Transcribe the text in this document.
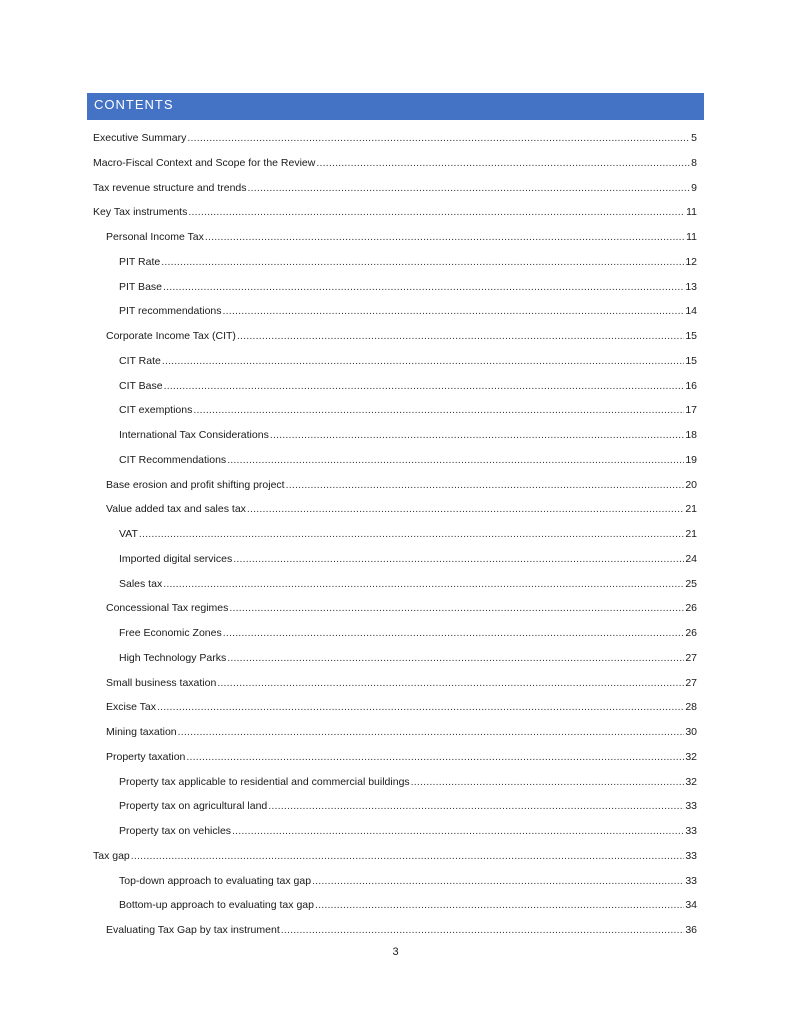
CONTENTS
Executive Summary .....	5
Macro-Fiscal Context and Scope for the Review .....	8
Tax revenue structure and trends .....	9
Key Tax instruments .....	11
Personal Income Tax .....	11
PIT Rate .....	12
PIT Base .....	13
PIT recommendations .....	14
Corporate Income Tax (CIT) .....	15
CIT Rate .....	15
CIT Base .....	16
CIT exemptions .....	17
International Tax Considerations .....	18
CIT Recommendations .....	19
Base erosion and profit shifting project .....	20
Value added tax and sales tax .....	21
VAT .....	21
Imported digital services .....	24
Sales tax .....	25
Concessional Tax regimes .....	26
Free Economic Zones .....	26
High Technology Parks .....	27
Small business taxation .....	27
Excise Tax .....	28
Mining taxation .....	30
Property taxation .....	32
Property tax applicable to residential and commercial buildings .....	32
Property tax on agricultural land .....	33
Property tax on vehicles .....	33
Tax gap .....	33
Top-down approach to evaluating tax gap .....	33
Bottom-up approach to evaluating tax gap .....	34
Evaluating Tax Gap by tax instrument .....	36
3
